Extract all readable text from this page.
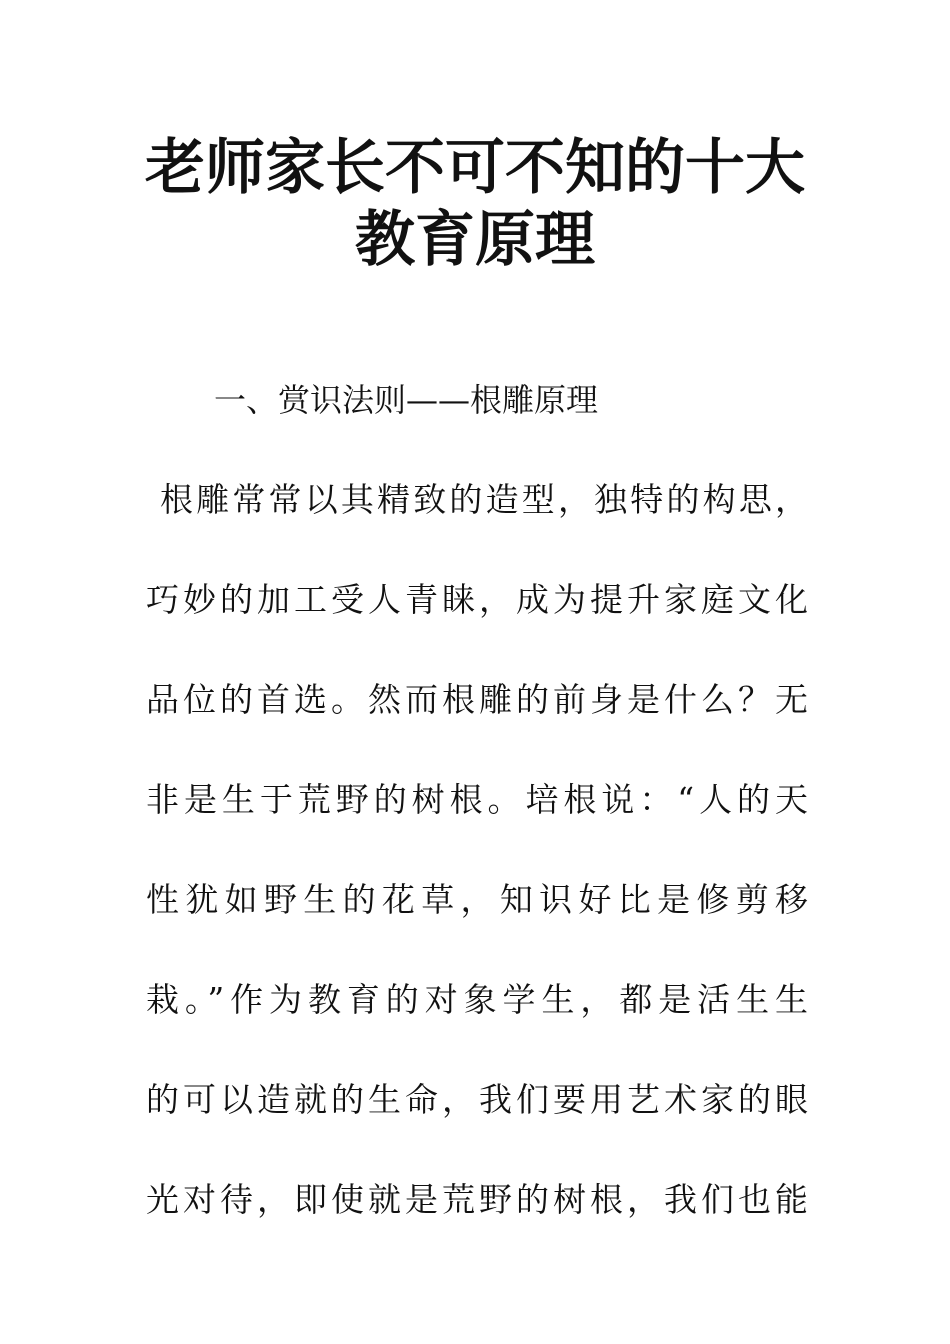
老师家长不可不知的十大
教育原理
一、赏识法则——根雕原理
根雕常常以其精致的造型，独特的构思，
巧妙的加工受人青睐，成为提升家庭文化
品位的首选。然而根雕的前身是什么？无
非是生于荒野的树根。培根说：“人的天
性犹如野生的花草，知识好比是修剪移
栽。”作为教育的对象学生，都是活生生
的可以造就的生命，我们要用艺术家的眼
光对待，即使就是荒野的树根，我们也能
